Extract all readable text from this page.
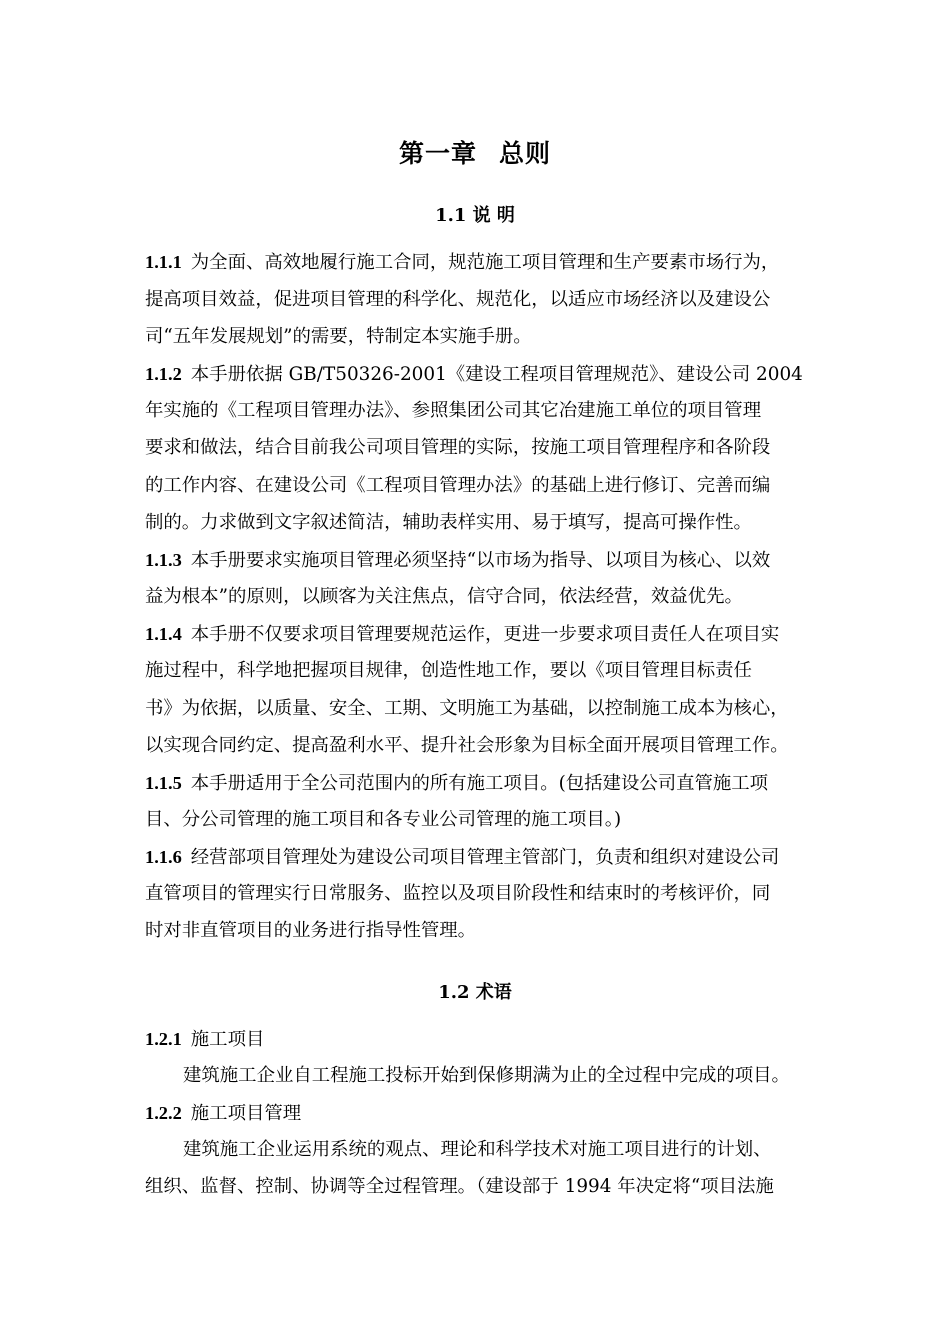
第一章 总则
1.1 说 明
1.1.1 为全面、高效地履行施工合同，规范施工项目管理和生产要素市场行为，
提高项目效益，促进项目管理的科学化、规范化，以适应市场经济以及建设公
司“五年发展规划”的需要，特制定本实施手册。
1.1.2 本手册依据 GB/T50326-2001《建设工程项目管理规范》、建设公司 2004
年实施的《工程项目管理办法》、参照集团公司其它冶建施工单位的项目管理
要求和做法，结合目前我公司项目管理的实际，按施工项目管理程序和各阶段
的工作内容、在建设公司《工程项目管理办法》的基础上进行修订、完善而编
制的。力求做到文字叙述简洁，辅助表样实用、易于填写，提高可操作性。
1.1.3 本手册要求实施项目管理必须坚持“以市场为指导、以项目为核心、以效
益为根本”的原则，以顾客为关注焦点，信守合同，依法经营，效益优先。
1.1.4 本手册不仅要求项目管理要规范运作，更进一步要求项目责任人在项目实
施过程中，科学地把握项目规律，创造性地工作，要以《项目管理目标责任
书》为依据，以质量、安全、工期、文明施工为基础，以控制施工成本为核心，
以实现合同约定、提高盈利水平、提升社会形象为目标全面开展项目管理工作。
1.1.5 本手册适用于全公司范围内的所有施工项目。(包括建设公司直管施工项
目、分公司管理的施工项目和各专业公司管理的施工项目。)
1.1.6 经营部项目管理处为建设公司项目管理主管部门，负责和组织对建设公司
直管项目的管理实行日常服务、监控以及项目阶段性和结束时的考核评价，同
时对非直管项目的业务进行指导性管理。
1.2 术语
1.2.1 施工项目
建筑施工企业自工程施工投标开始到保修期满为止的全过程中完成的项目。
1.2.2 施工项目管理
建筑施工企业运用系统的观点、理论和科学技术对施工项目进行的计划、
组织、监督、控制、协调等全过程管理。（建设部于 1994 年决定将“项目法施
